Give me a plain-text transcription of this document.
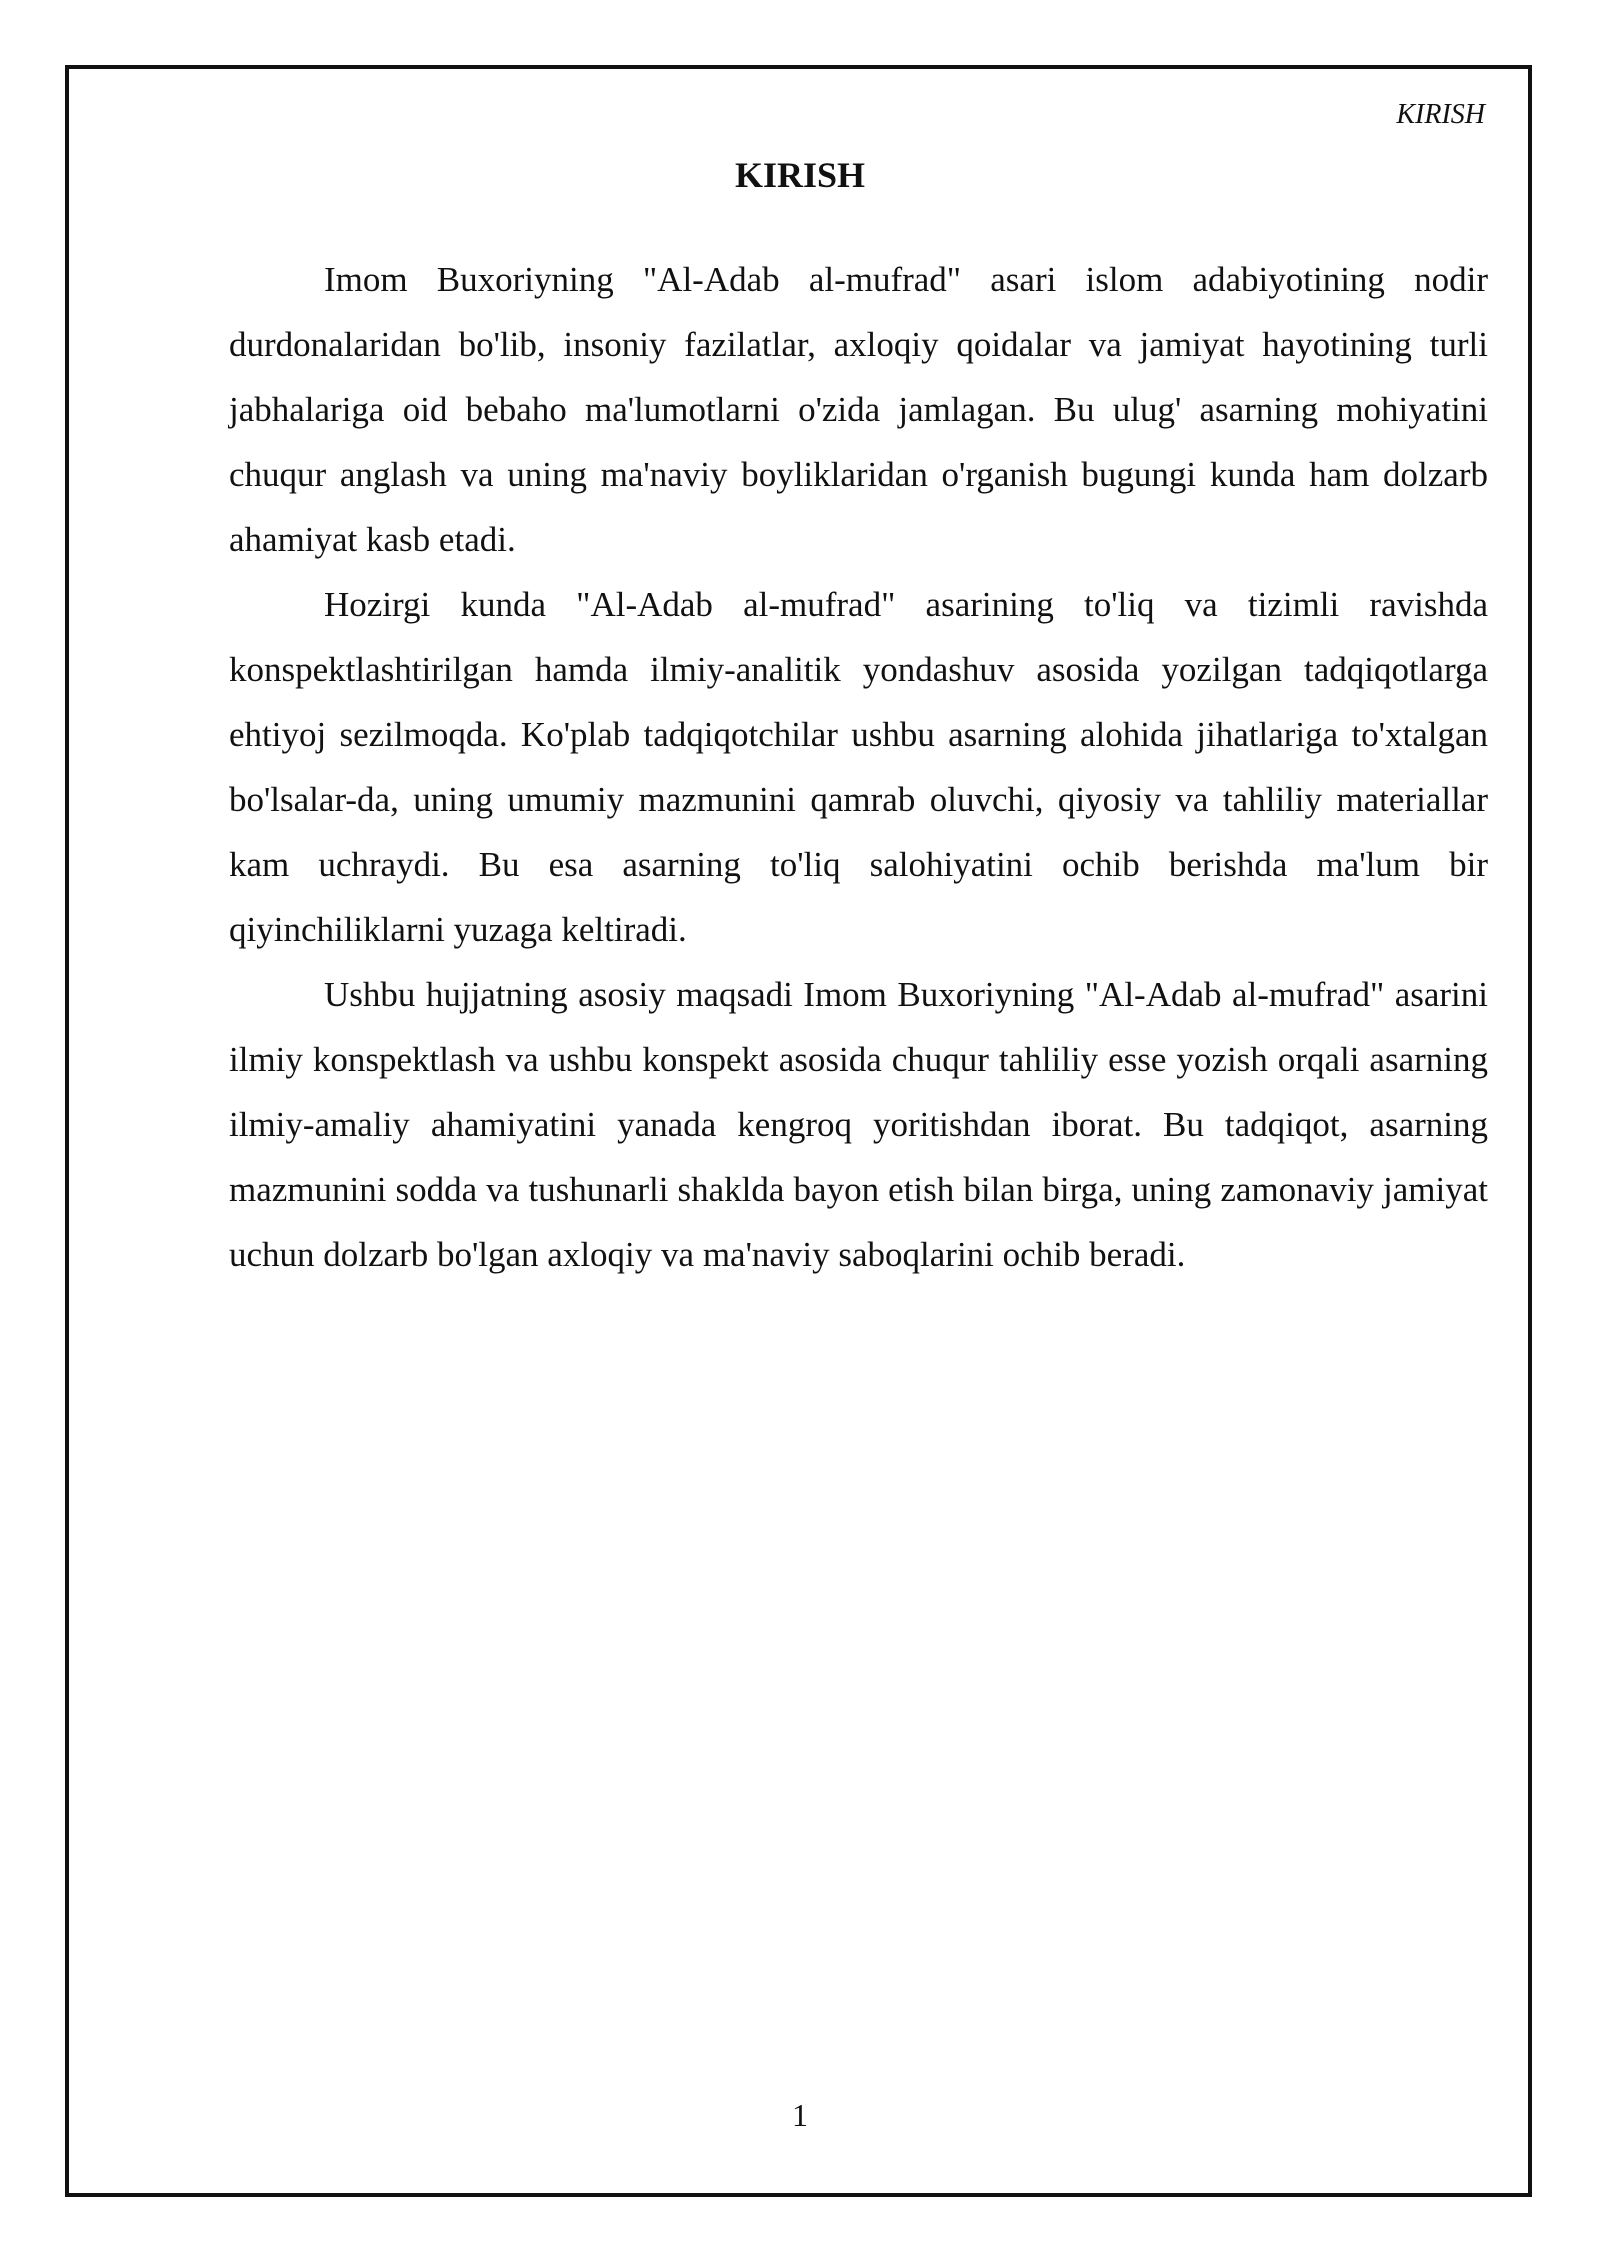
KIRISH

KIRISH

Imom Buxoriyning "Al-Adab al-mufrad" asari islom adabiyotining nodir durdonalaridan bo'lib, insoniy fazilatlar, axloqiy qoidalar va jamiyat hayotining turli jabhalariga oid bebaho ma'lumotlarni o'zida jamlagan. Bu ulug' asarning mohiyatini chuqur anglash va uning ma'naviy boyliklaridan o'rganish bugungi kunda ham dolzarb ahamiyat kasb etadi.

Hozirgi kunda "Al-Adab al-mufrad" asarining to'liq va tizimli ravishda konspektlashtirilgan hamda ilmiy-analitik yondashuv asosida yozilgan tadqiqotlarga ehtiyoj sezilmoqda. Ko'plab tadqiqotchilar ushbu asarning alohida jihatlariga to'xtalgan bo'lsalar-da, uning umumiy mazmunini qamrab oluvchi, qiyosiy va tahliliy materiallar kam uchraydi. Bu esa asarning to'liq salohiyatini ochib berishda ma'lum bir qiyinchiliklarni yuzaga keltiradi.

Ushbu hujjatning asosiy maqsadi Imom Buxoriyning "Al-Adab al-mufrad" asarini ilmiy konspektlash va ushbu konspekt asosida chuqur tahliliy esse yozish orqali asarning ilmiy-amaliy ahamiyatini yanada kengroq yoritishdan iborat. Bu tadqiqot, asarning mazmunini sodda va tushunarli shaklda bayon etish bilan birga, uning zamonaviy jamiyat uchun dolzarb bo'lgan axloqiy va ma'naviy saboqlarini ochib beradi.

1
